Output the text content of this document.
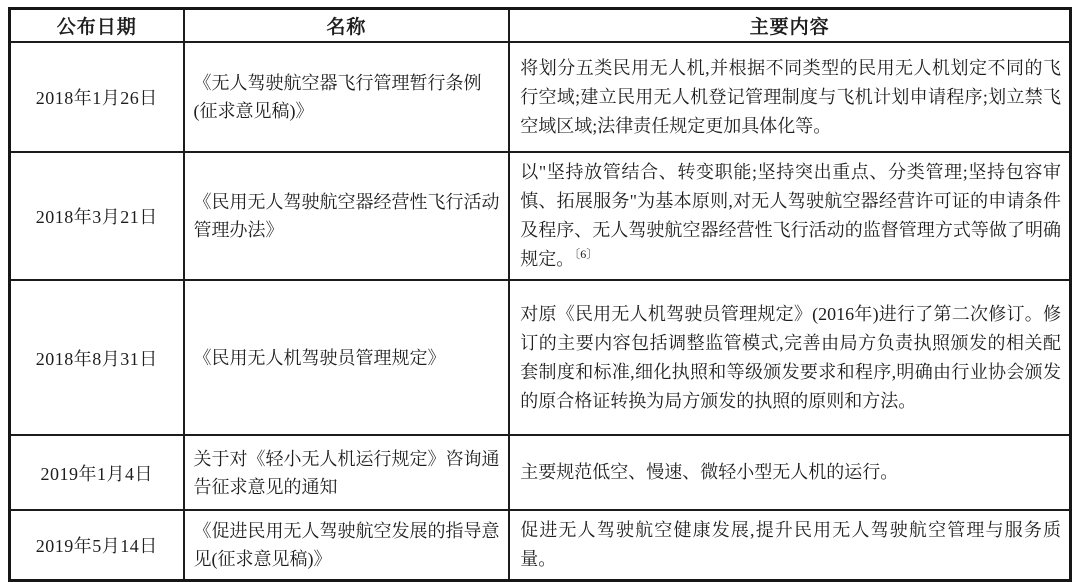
公布日期	名称	主要内容
2018年1月26日	《无人驾驶航空器飞行管理暂行条例(征求意见稿)》	将划分五类民用无人机,并根据不同类型的民用无人机划定不同的飞行空域;建立民用无人机登记管理制度与飞机计划申请程序;划立禁飞空域区域;法律责任规定更加具体化等。
2018年3月21日	《民用无人驾驶航空器经营性飞行活动管理办法》	以"坚持放管结合、转变职能;坚持突出重点、分类管理;坚持包容审慎、拓展服务"为基本原则,对无人驾驶航空器经营许可证的申请条件及程序、无人驾驶航空器经营性飞行活动的监督管理方式等做了明确规定。$^{〔6〕}$
2018年8月31日	《民用无人机驾驶员管理规定》	对原《民用无人机驾驶员管理规定》(2016年)进行了第二次修订。修订的主要内容包括调整监管模式,完善由局方负责执照颁发的相关配套制度和标准,细化执照和等级颁发要求和程序,明确由行业协会颁发的原合格证转换为局方颁发的执照的原则和方法。
2019年1月4日	关于对《轻小无人机运行规定》咨询通告征求意见的通知	主要规范低空、慢速、微轻小型无人机的运行。
2019年5月14日	《促进民用无人驾驶航空发展的指导意见(征求意见稿)》	促进无人驾驶航空健康发展,提升民用无人驾驶航空管理与服务质量。
